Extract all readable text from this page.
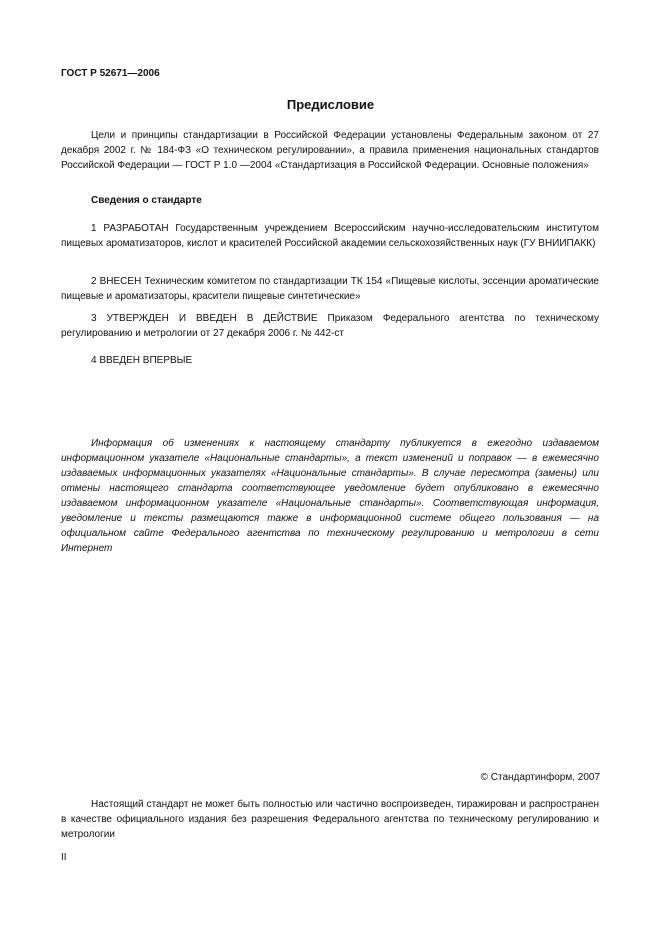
ГОСТ Р 52671—2006
Предисловие
Цели и принципы стандартизации в Российской Федерации установлены Федеральным законом от 27 декабря 2002 г. № 184-ФЗ «О техническом регулировании», а правила применения национальных стандартов Российской Федерации — ГОСТ Р 1.0 —2004 «Стандартизация в Российской Федерации. Основные положения»
Сведения о стандарте
1 РАЗРАБОТАН Государственным учреждением Всероссийским научно-исследовательским институтом пищевых ароматизаторов, кислот и красителей Российской академии сельскохозяйственных наук (ГУ ВНИИПАКК)
2 ВНЕСЕН Техническим комитетом по стандартизации ТК 154 «Пищевые кислоты, эссенции ароматические пищевые и ароматизаторы, красители пищевые синтетические»
3 УТВЕРЖДЕН И ВВЕДЕН В ДЕЙСТВИЕ Приказом Федерального агентства по техническому регулированию и метрологии от 27 декабря 2006 г. № 442-ст
4 ВВЕДЕН ВПЕРВЫЕ
Информация об изменениях к настоящему стандарту публикуется в ежегодно издаваемом информационном указателе «Национальные стандарты», а текст изменений и поправок — в ежемесячно издаваемых информационных указателях «Национальные стандарты». В случае пересмотра (замены) или отмены настоящего стандарта соответствующее уведомление будет опубликовано в ежемесячно издаваемом информационном указателе «Национальные стандарты». Соответствующая информация, уведомление и тексты размещаются также в информационной системе общего пользования — на официальном сайте Федерального агентства по техническому регулированию и метрологии в сети Интернет
© Стандартинформ, 2007
Настоящий стандарт не может быть полностью или частично воспроизведен, тиражирован и распространен в качестве официального издания без разрешения Федерального агентства по техническому регулированию и метрологии
II
